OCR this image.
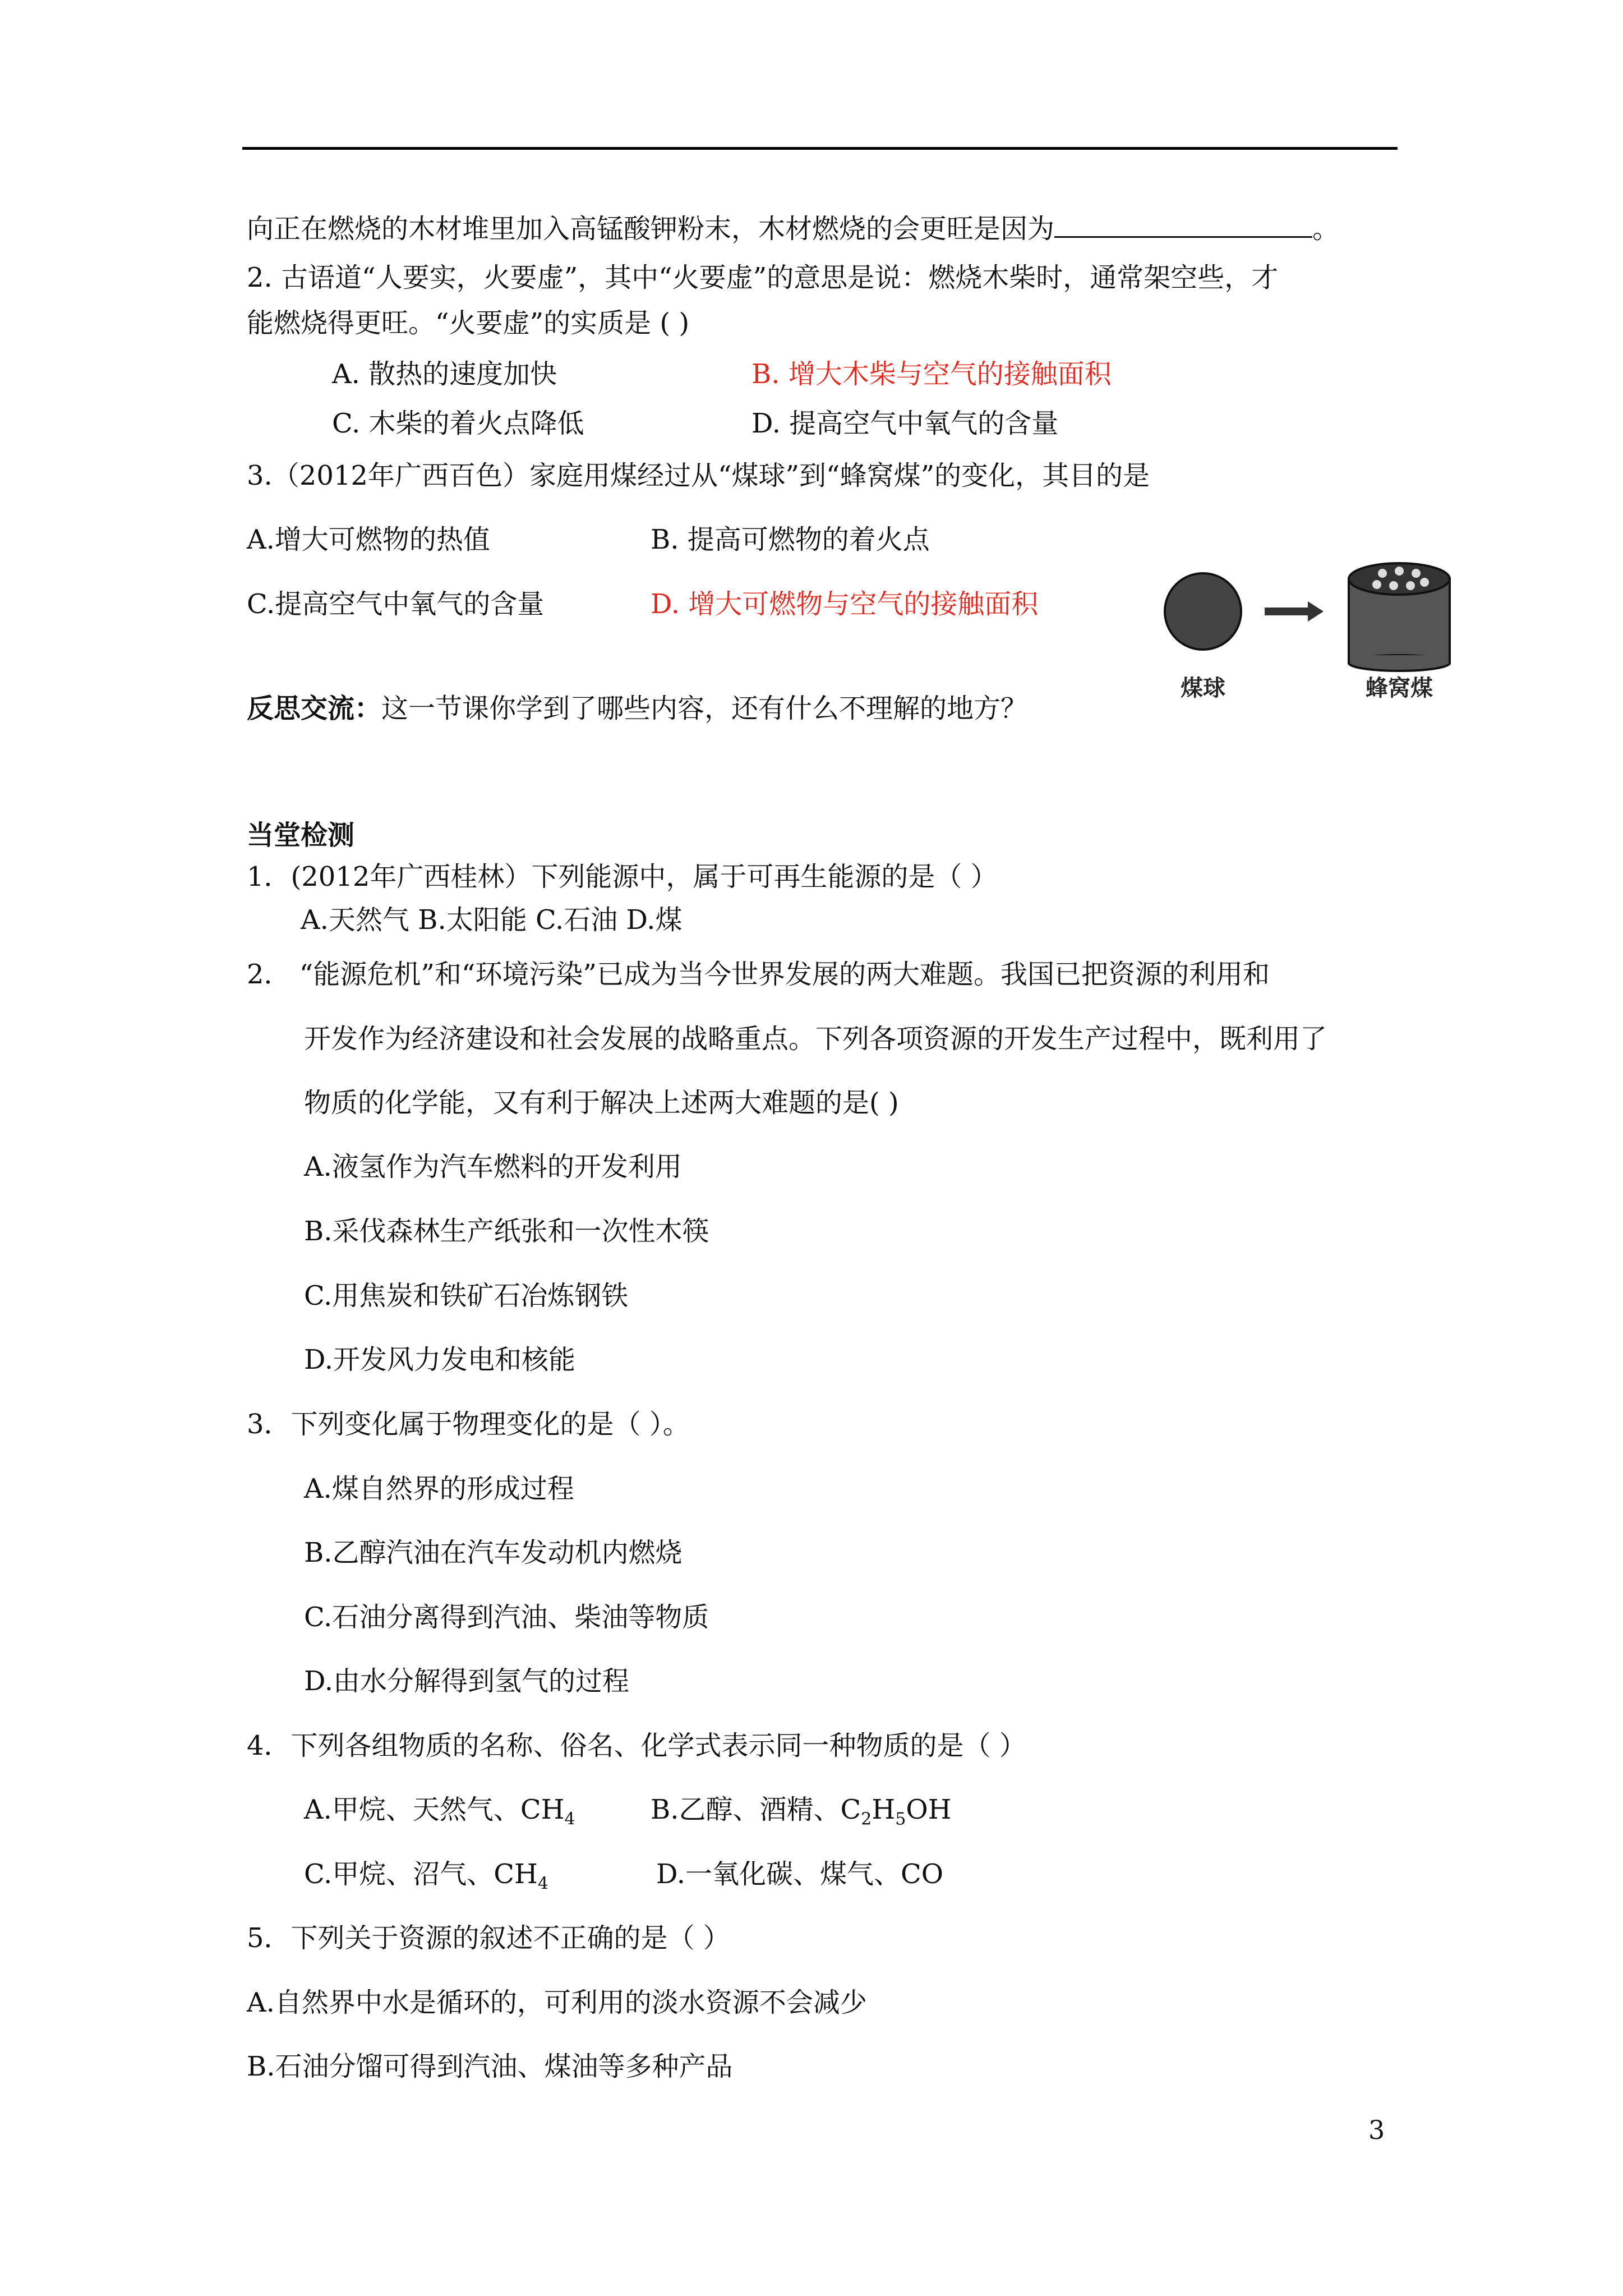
向正在燃烧的木材堆里加入高锰酸钾粉末，木材燃烧的会更旺是因为	。
2. 古语道“人要实，火要虚”，其中“火要虚”的意思是说：燃烧木柴时，通常架空些，才
能燃烧得更旺。“火要虚”的实质是 ( )
A. 散热的速度加快	B. 增大木柴与空气的接触面积
C. 木柴的着火点降低	D. 提高空气中氧气的含量
3.（2012年广西百色）家庭用煤经过从“煤球”到“蜂窝煤”的变化，其目的是
A.增大可燃物的热值	B. 提高可燃物的着火点
C.提高空气中氧气的含量	D. 增大可燃物与空气的接触面积
煤球	蜂窝煤
反思交流：这一节课你学到了哪些内容，还有什么不理解的地方？
当堂检测
1．(2012年广西桂林）下列能源中，属于可再生能源的是（ ）
A.天然气 B.太阳能 C.石油 D.煤
2． “能源危机”和“环境污染”已成为当今世界发展的两大难题。我国已把资源的利用和
开发作为经济建设和社会发展的战略重点。下列各项资源的开发生产过程中，既利用了
物质的化学能，又有利于解决上述两大难题的是( )
A.液氢作为汽车燃料的开发利用
B.采伐森林生产纸张和一次性木筷
C.用焦炭和铁矿石冶炼钢铁
D.开发风力发电和核能
3．下列变化属于物理变化的是（ ）。
A.煤自然界的形成过程
B.乙醇汽油在汽车发动机内燃烧
C.石油分离得到汽油、柴油等物质
D.由水分解得到氢气的过程
4．下列各组物质的名称、俗名、化学式表示同一种物质的是（ ）
A.甲烷、天然气、$CH_4$	B.乙醇、酒精、$C_2H_5OH$
C.甲烷、沼气、$CH_4$	D.一氧化碳、煤气、CO
5．下列关于资源的叙述不正确的是（ ）
A.自然界中水是循环的，可利用的淡水资源不会减少
B.石油分馏可得到汽油、煤油等多种产品
3
